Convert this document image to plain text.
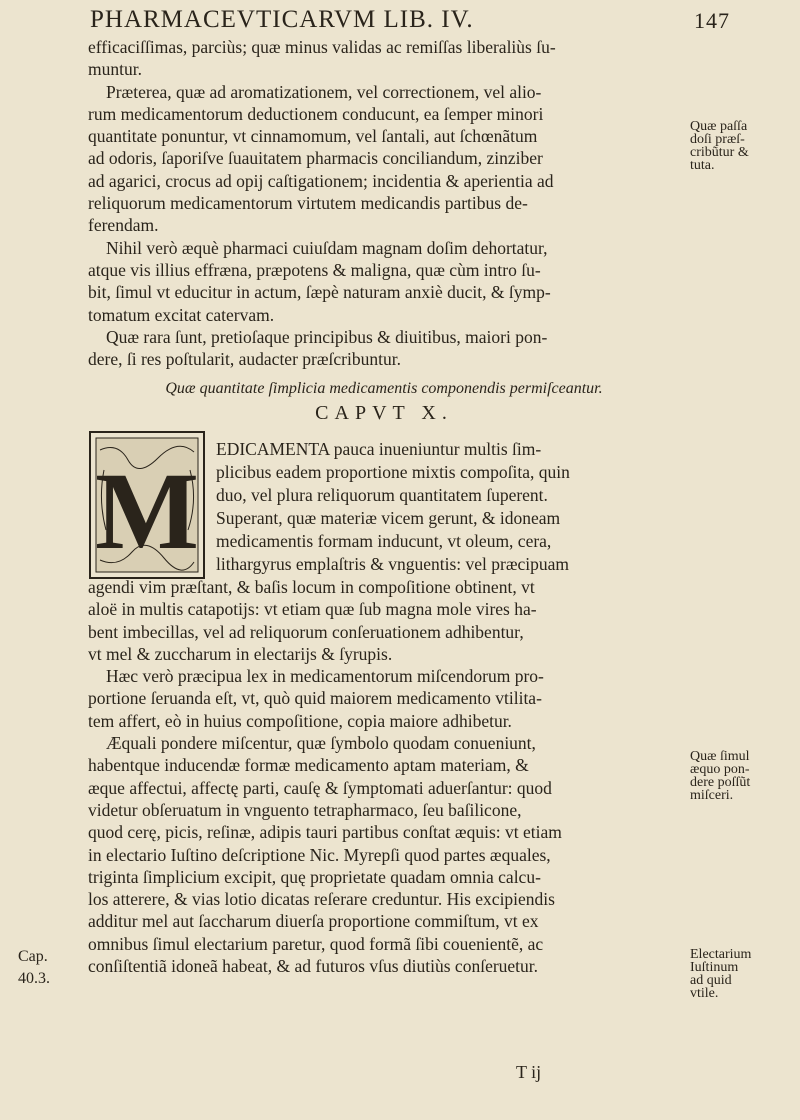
PHARMACEVTICARVM LIB. IV.	147
efficaciſſimas, parciùs; quæ minus validas ac remiſſas liberaliùs ſu-
muntur.
Præterea, quæ ad aromatizationem, vel correctionem, vel alio-
rum medicamentorum deductionem conducunt, ea ſemper minori
quantitate ponuntur, vt cinnamomum, vel ſantali, aut ſchœnãtum
ad odoris, ſaporiſve ſuauitatem pharmacis conciliandum, zinziber
ad agarici, crocus ad opij caſtigationem; incidentia & aperientia ad
reliquorum medicamentorum virtutem medicandis partibus de-
ferendam.
Nihil verò æquè pharmaci cuiuſdam magnam doſim dehortatur,
atque vis illius effræna, præpotens & maligna, quæ cùm intro ſu-
bit, ſimul vt educitur in actum, ſæpè naturam anxiè ducit, & ſymp-
tomatum excitat catervam.
Quæ rara ſunt, pretioſaque principibus & diuitibus, maiori pon-
dere, ſi res poſtularit, audacter præſcribuntur.
Quæ quantitate ſimplicia medicamentis componendis permiſceantur.
CAPVT X.
M
EDICAMENTA pauca inueniuntur multis ſim-
plicibus eadem proportione mixtis compoſita, quin
duo, vel plura reliquorum quantitatem ſuperent.
Superant, quæ materiæ vicem gerunt, & idoneam
medicamentis formam inducunt, vt oleum, cera,
lithargyrus emplaſtris & vnguentis: vel præcipuam
agendi vim præſtant, & baſis locum in compoſitione obtinent, vt
aloë in multis catapotijs: vt etiam quæ ſub magna mole vires ha-
bent imbecillas, vel ad reliquorum conſeruationem adhibentur,
vt mel & zuccharum in electarijs & ſyrupis.
Hæc verò præcipua lex in medicamentorum miſcendorum pro-
portione ſeruanda eſt, vt, quò quid maiorem medicamento vtilita-
tem affert, eò in huius compoſitione, copia maiore adhibetur.
Æquali pondere miſcentur, quæ ſymbolo quodam conueniunt,
habentque inducendæ formæ medicamento aptam materiam, &
æque affectui, affectę parti, cauſę & ſymptomati aduerſantur: quod
videtur obſeruatum in vnguento tetrapharmaco, ſeu baſilicone,
quod cerę, picis, reſinæ, adipis tauri partibus conſtat æquis: vt etiam
in electario Iuſtino deſcriptione Nic. Myrepſi quod partes æquales,
triginta ſimplicium excipit, quę proprietate quadam omnia calcu-
los atterere, & vias lotio dicatas reſerare creduntur. His excipiendis
additur mel aut ſaccharum diuerſa proportione commiſtum, vt ex
omnibus ſimul electarium paretur, quod formã ſibi couenientẽ, ac
conſiſtentiã idoneã habeat, & ad futuros vſus diutiùs conſeruetur.
T ij
Quæ paſſa
doſi præſ-
cribũtur &
tuta.
Quæ ſimul
æquo pon-
dere poſſũt
miſceri.
Electarium
Iuſtinum
ad quid
vtile.
Cap.
40.3.
